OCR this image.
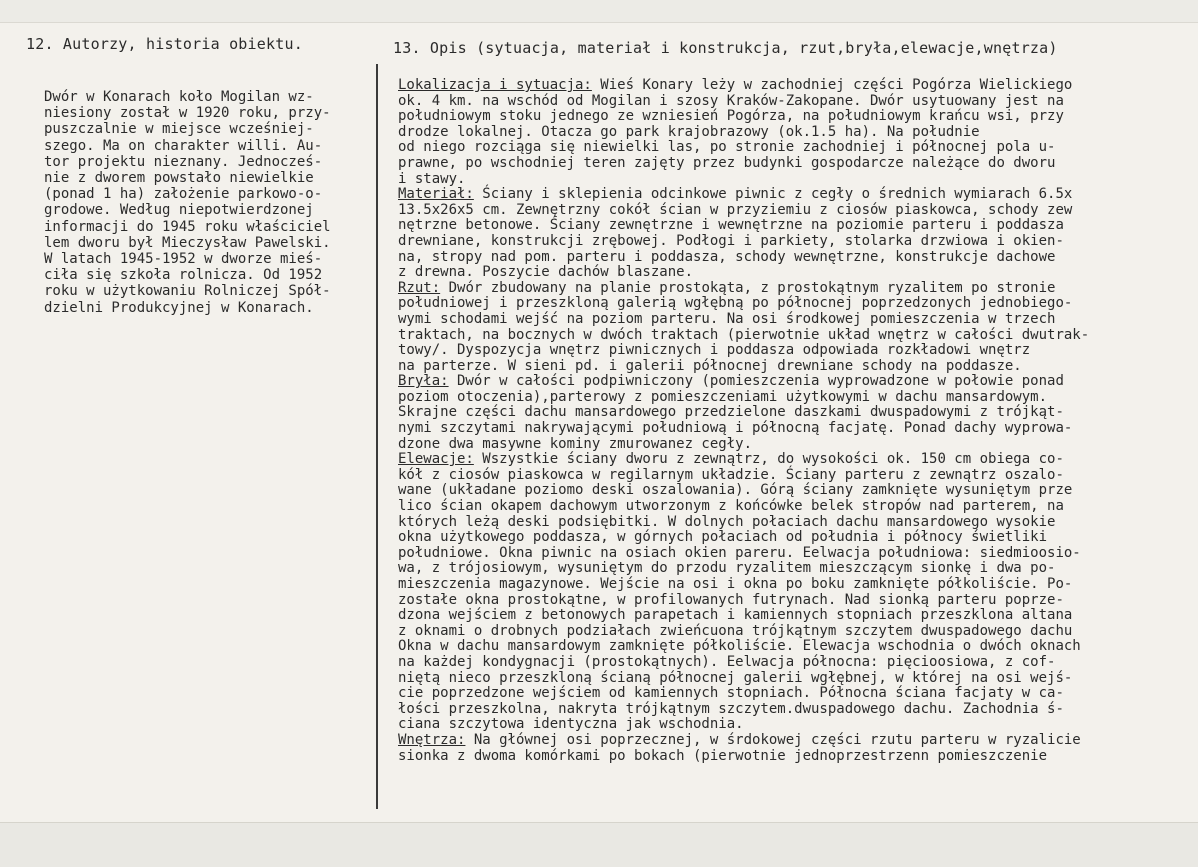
12. Autorzy, historia obiektu.	13. Opis (sytuacja, materiał i konstrukcja, rzut,bryła,elewacje,wnętrza)
Dwór w Konarach koło Mogilan wz-
niesiony został w 1920 roku, przy-
puszczalnie w miejsce wcześniej-
szego. Ma on charakter willi. Au-
tor projektu nieznany. Jednocześ-
nie z dworem powstało niewielkie
(ponad 1 ha) założenie parkowo-o-
grodowe. Według niepotwierdzonej
informacji do 1945 roku właściciel
lem dworu był Mieczysław Pawelski.
W latach 1945-1952 w dworze mieś-
ciła się szkoła rolnicza. Od 1952
roku w użytkowaniu Rolniczej Spół-
dzielni Produkcyjnej w Konarach.
Lokalizacja i sytuacja: Wieś Konary leży w zachodniej części Pogórza Wielickiego
ok. 4 km. na wschód od Mogilan i szosy Kraków-Zakopane. Dwór usytuowany jest na
południowym stoku jednego ze wzniesień Pogórza, na południowym krańcu wsi, przy
drodze lokalnej. Otacza go park krajobrazowy (ok.1.5 ha). Na południe
od niego rozciąga się niewielki las, po stronie zachodniej i północnej pola u-
prawne, po wschodniej teren zajęty przez budynki gospodarcze należące do dworu
i stawy.
Materiał: Ściany i sklepienia odcinkowe piwnic z cegły o średnich wymiarach 6.5x
13.5x26x5 cm. Zewnętrzny cokół ścian w przyziemiu z ciosów piaskowca, schody zew
nętrzne betonowe. Ściany zewnętrzne i wewnętrzne na poziomie parteru i poddasza
drewniane, konstrukcji zrębowej. Podłogi i parkiety, stolarka drzwiowa i okien-
na, stropy nad pom. parteru i poddasza, schody wewnętrzne, konstrukcje dachowe
z drewna. Poszycie dachów blaszane.
Rzut: Dwór zbudowany na planie prostokąta, z prostokątnym ryzalitem po stronie
południowej i przeszkloną galerią wgłębną po północnej poprzedzonych jednobiego-
wymi schodami wejść na poziom parteru. Na osi środkowej pomieszczenia w trzech
traktach, na bocznych w dwóch traktach (pierwotnie układ wnętrz w całości dwutrak-
towy/. Dyspozycja wnętrz piwnicznych i poddasza odpowiada rozkładowi wnętrz
na parterze. W sieni pd. i galerii północnej drewniane schody na poddasze.
Bryła: Dwór w całości podpiwniczony (pomieszczenia wyprowadzone w połowie ponad
poziom otoczenia),parterowy z pomieszczeniami użytkowymi w dachu mansardowym.
Skrajne części dachu mansardowego przedzielone daszkami dwuspadowymi z trójkąt-
nymi szczytami nakrywającymi południową i północną facjatę. Ponad dachy wyprowa-
dzone dwa masywne kominy zmurowanez cegły.
Elewacje: Wszystkie ściany dworu z zewnątrz, do wysokości ok. 150 cm obiega co-
kół z ciosów piaskowca w regilarnym układzie. Ściany parteru z zewnątrz oszalo-
wane (układane poziomo deski oszalowania). Górą ściany zamknięte wysuniętym prze
lico ścian okapem dachowym utworzonym z końcówke belek stropów nad parterem, na
których leżą deski podsiębitki. W dolnych połaciach dachu mansardowego wysokie
okna użytkowego poddasza, w górnych połaciach od południa i północy świetliki
południowe. Okna piwnic na osiach okien pareru. Eelwacja południowa: siedmioosio-
wa, z trójosiowym, wysuniętym do przodu ryzalitem mieszczącym sionkę i dwa po-
mieszczenia magazynowe. Wejście na osi i okna po boku zamknięte półkoliście. Po-
zostałe okna prostokątne, w profilowanych futrynach. Nad sionką parteru poprze-
dzona wejściem z betonowych parapetach i kamiennych stopniach przeszklona altana
z oknami o drobnych podziałach zwieńcuona trójkątnym szczytem dwuspadowego dachu
Okna w dachu mansardowym zamknięte półkoliście. Elewacja wschodnia o dwóch oknach
na każdej kondygnacji (prostokątnych). Eelwacja północna: pięcioosiowa, z cof-
niętą nieco przeszkloną ścianą północnej galerii wgłębnej, w której na osi wejś-
cie poprzedzone wejściem od kamiennych stopniach. Północna ściana facjaty w ca-
łości przeszkolna, nakryta trójkątnym szczytem.dwuspadowego dachu. Zachodnia ś-
ciana szczytowa identyczna jak wschodnia.
Wnętrza: Na głównej osi poprzecznej, w śrdokowej części rzutu parteru w ryzalicie
sionka z dwoma komórkami po bokach (pierwotnie jednoprzestrzenn pomieszczenie
